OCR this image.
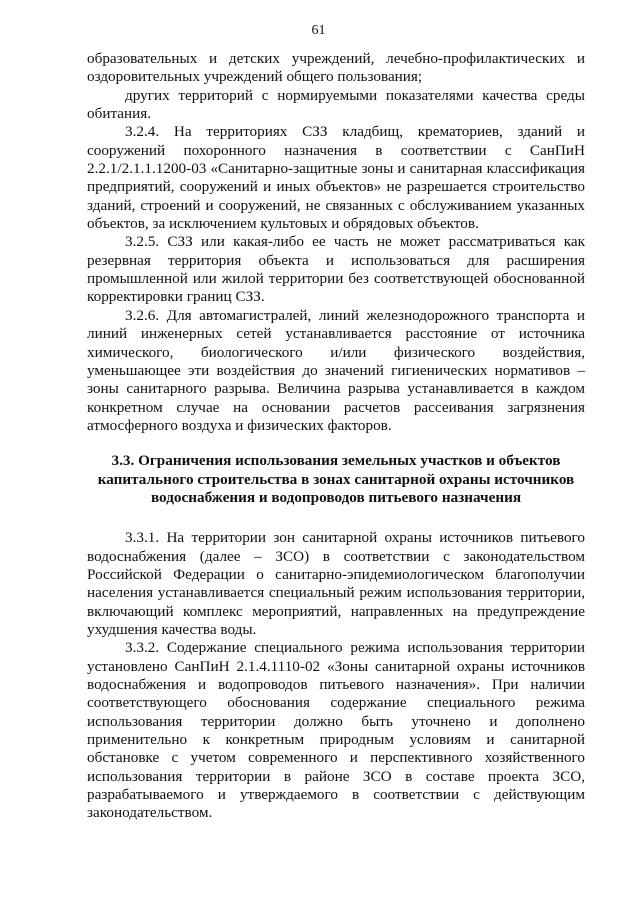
61

образовательных и детских учреждений, лечебно-профилактических и оздоровительных учреждений общего пользования;

других территорий с нормируемыми показателями качества среды обитания.

3.2.4. На территориях СЗЗ кладбищ, крематориев, зданий и сооружений похоронного назначения в соответствии с СанПиН 2.2.1/2.1.1.1200-03 «Санитарно-защитные зоны и санитарная классификация предприятий, сооружений и иных объектов» не разрешается строительство зданий, строений и сооружений, не связанных с обслуживанием указанных объектов, за исключением культовых и обрядовых объектов.

3.2.5. СЗЗ или какая-либо ее часть не может рассматриваться как резервная территория объекта и использоваться для расширения промышленной или жилой территории без соответствующей обоснованной корректировки границ СЗЗ.

3.2.6. Для автомагистралей, линий железнодорожного транспорта и линий инженерных сетей устанавливается расстояние от источника химического, биологического и/или физического воздействия, уменьшающее эти воздействия до значений гигиенических нормативов – зоны санитарного разрыва. Величина разрыва устанавливается в каждом конкретном случае на основании расчетов рассеивания загрязнения атмосферного воздуха и физических факторов.

3.3. Ограничения использования земельных участков и объектов капитального строительства в зонах санитарной охраны источников водоснабжения и водопроводов питьевого назначения

3.3.1. На территории зон санитарной охраны источников питьевого водоснабжения (далее – ЗСО) в соответствии с законодательством Российской Федерации о санитарно-эпидемиологическом благополучии населения устанавливается специальный режим использования территории, включающий комплекс мероприятий, направленных на предупреждение ухудшения качества воды.

3.3.2. Содержание специального режима использования территории установлено СанПиН 2.1.4.1110-02 «Зоны санитарной охраны источников водоснабжения и водопроводов питьевого назначения». При наличии соответствующего обоснования содержание специального режима использования территории должно быть уточнено и дополнено применительно к конкретным природным условиям и санитарной обстановке с учетом современного и перспективного хозяйственного использования территории в районе ЗСО в составе проекта ЗСО, разрабатываемого и утверждаемого в соответствии с действующим законодательством.
